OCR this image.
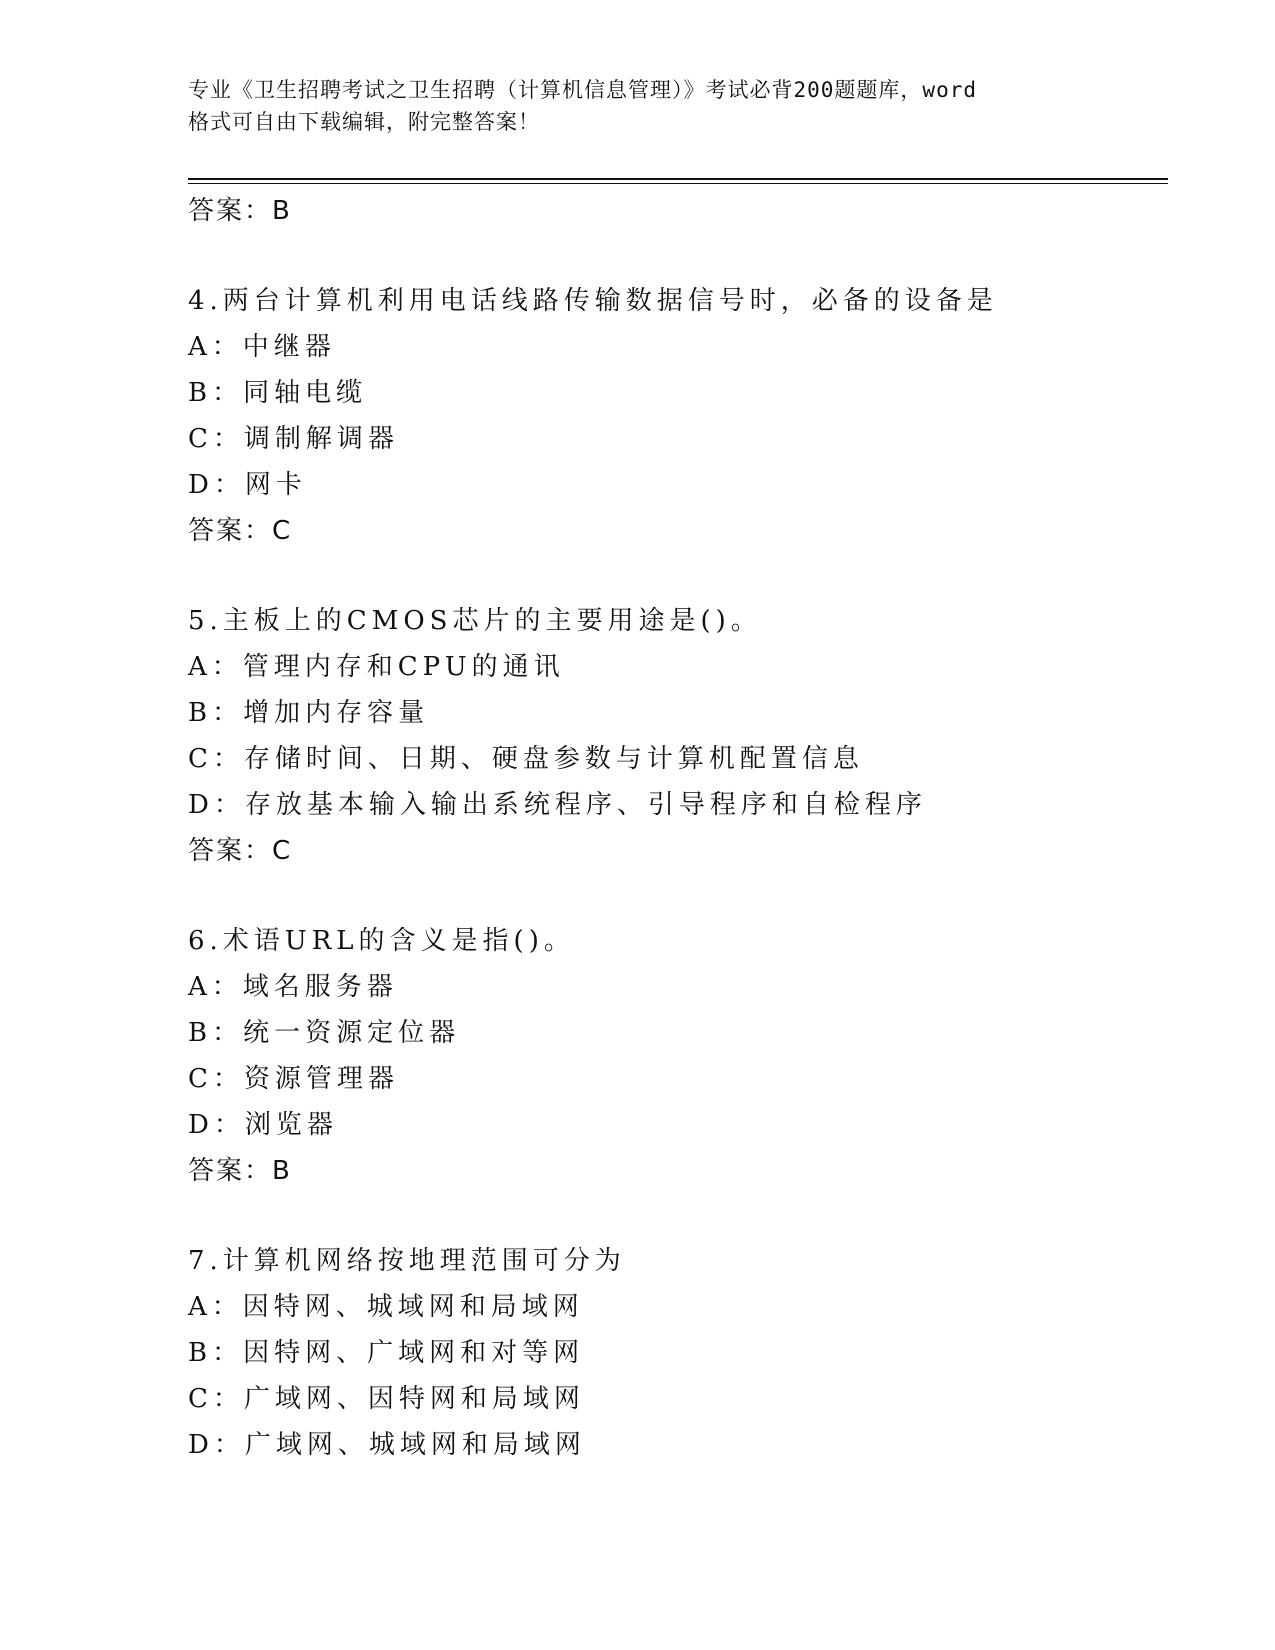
专业《卫生招聘考试之卫生招聘（计算机信息管理）》考试必背200题题库，word
格式可自由下载编辑，附完整答案！
答案：B
4.两台计算机利用电话线路传输数据信号时，必备的设备是
A：中继器
B：同轴电缆
C：调制解调器
D：网卡
答案：C
5.主板上的CMOS芯片的主要用途是()。
A：管理内存和CPU的通讯
B：增加内存容量
C：存储时间、日期、硬盘参数与计算机配置信息
D：存放基本输入输出系统程序、引导程序和自检程序
答案：C
6.术语URL的含义是指()。
A：域名服务器
B：统一资源定位器
C：资源管理器
D：浏览器
答案：B
7.计算机网络按地理范围可分为
A：因特网、城域网和局域网
B：因特网、广域网和对等网
C：广域网、因特网和局域网
D：广域网、城域网和局域网
